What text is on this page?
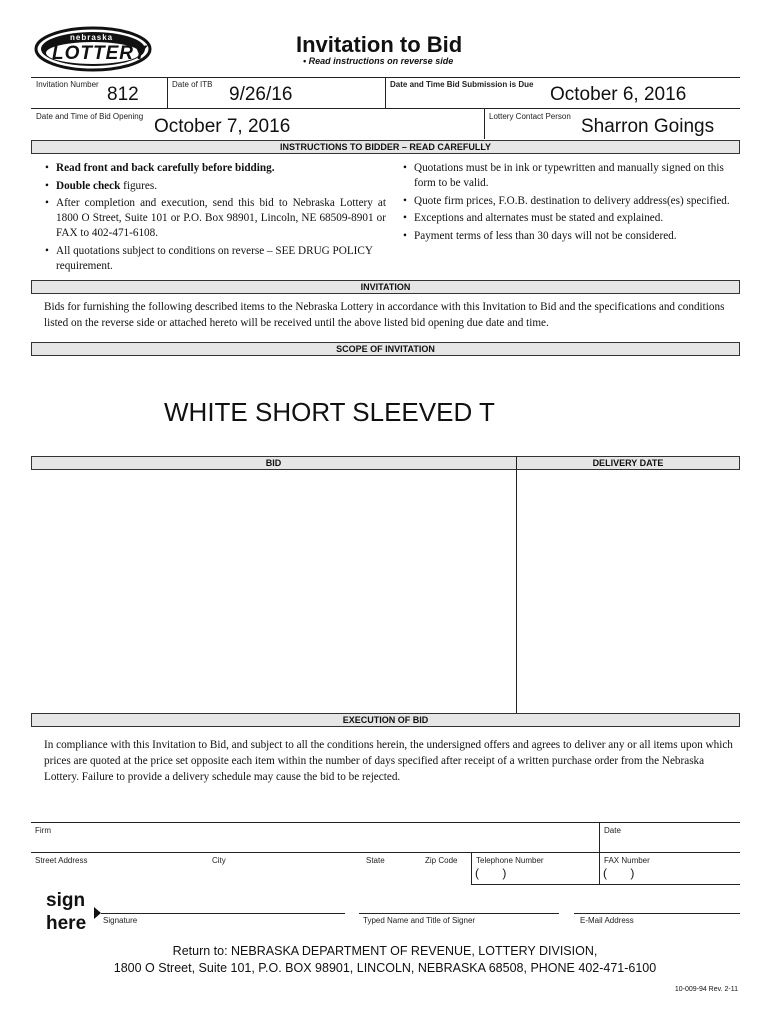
nebraska
LOTTERY	Invitation to Bid
• Read instructions on reverse side
Invitation Number 812	Date of ITB 9/26/16	Date and Time Bid Submission is Due October 6, 2016
Date and Time of Bid Opening October 7, 2016	Lottery Contact Person Sharron Goings
INSTRUCTIONS TO BIDDER – READ CAREFULLY
• Read front and back carefully before bidding.
• Double check figures.
• After completion and execution, send this bid to Nebraska Lottery at 1800 O Street, Suite 101 or P.O. Box 98901, Lincoln, NE 68509-8901 or FAX to 402-471-6108.
• All quotations subject to conditions on reverse – SEE DRUG POLICY requirement.
• Quotations must be in ink or typewritten and manually signed on this form to be valid.
• Quote firm prices, F.O.B. destination to delivery address(es) specified.
• Exceptions and alternates must be stated and explained.
• Payment terms of less than 30 days will not be considered.
INVITATION
Bids for furnishing the following described items to the Nebraska Lottery in accordance with this Invitation to Bid and the specifications and conditions listed on the reverse side or attached hereto will be received until the above listed bid opening due date and time.
SCOPE OF INVITATION
WHITE SHORT SLEEVED T
BID	DELIVERY DATE
EXECUTION OF BID
In compliance with this Invitation to Bid, and subject to all the conditions herein, the undersigned offers and agrees to deliver any or all items upon which prices are quoted at the price set opposite each item within the number of days specified after receipt of a written purchase order from the Nebraska Lottery. Failure to provide a delivery schedule may cause the bid to be rejected.
Firm	Date
Street Address	City	State	Zip Code Telephone Number
(       )
FAX Number
(       )
sign here	Signature	Typed Name and Title of Signer	E-Mail Address
Return to: NEBRASKA DEPARTMENT OF REVENUE, LOTTERY DIVISION,
1800 O Street, Suite 101, P.O. BOX 98901, LINCOLN, NEBRASKA 68508, PHONE 402-471-6100
10-009-94 Rev. 2-11
